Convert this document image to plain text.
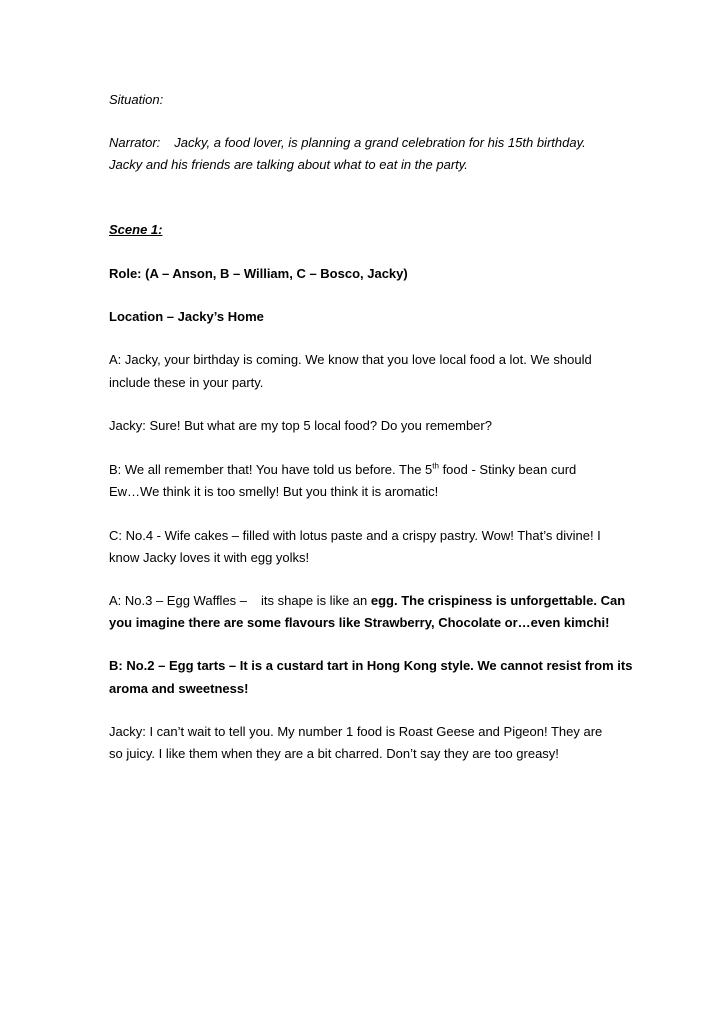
Situation:
Narrator: Jacky, a food lover, is planning a grand celebration for his 15th birthday.
Jacky and his friends are talking about what to eat in the party.
Scene 1:
Role: (A – Anson, B – William, C – Bosco, Jacky)
Location – Jacky’s Home
A: Jacky, your birthday is coming. We know that you love local food a lot. We should
include these in your party.
Jacky: Sure! But what are my top 5 local food? Do you remember?
B: We all remember that! You have told us before. The 5th food - Stinky bean curd
Ew…We think it is too smelly! But you think it is aromatic!
C: No.4 - Wife cakes – filled with lotus paste and a crispy pastry. Wow! That’s divine! I
know Jacky loves it with egg yolks!
A: No.3 – Egg Waffles – its shape is like an egg. The crispiness is unforgettable. Can
you imagine there are some flavours like Strawberry, Chocolate or…even kimchi!
B: No.2 – Egg tarts – It is a custard tart in Hong Kong style. We cannot resist from its
aroma and sweetness!
Jacky: I can’t wait to tell you. My number 1 food is Roast Geese and Pigeon! They are
so juicy. I like them when they are a bit charred. Don’t say they are too greasy!
